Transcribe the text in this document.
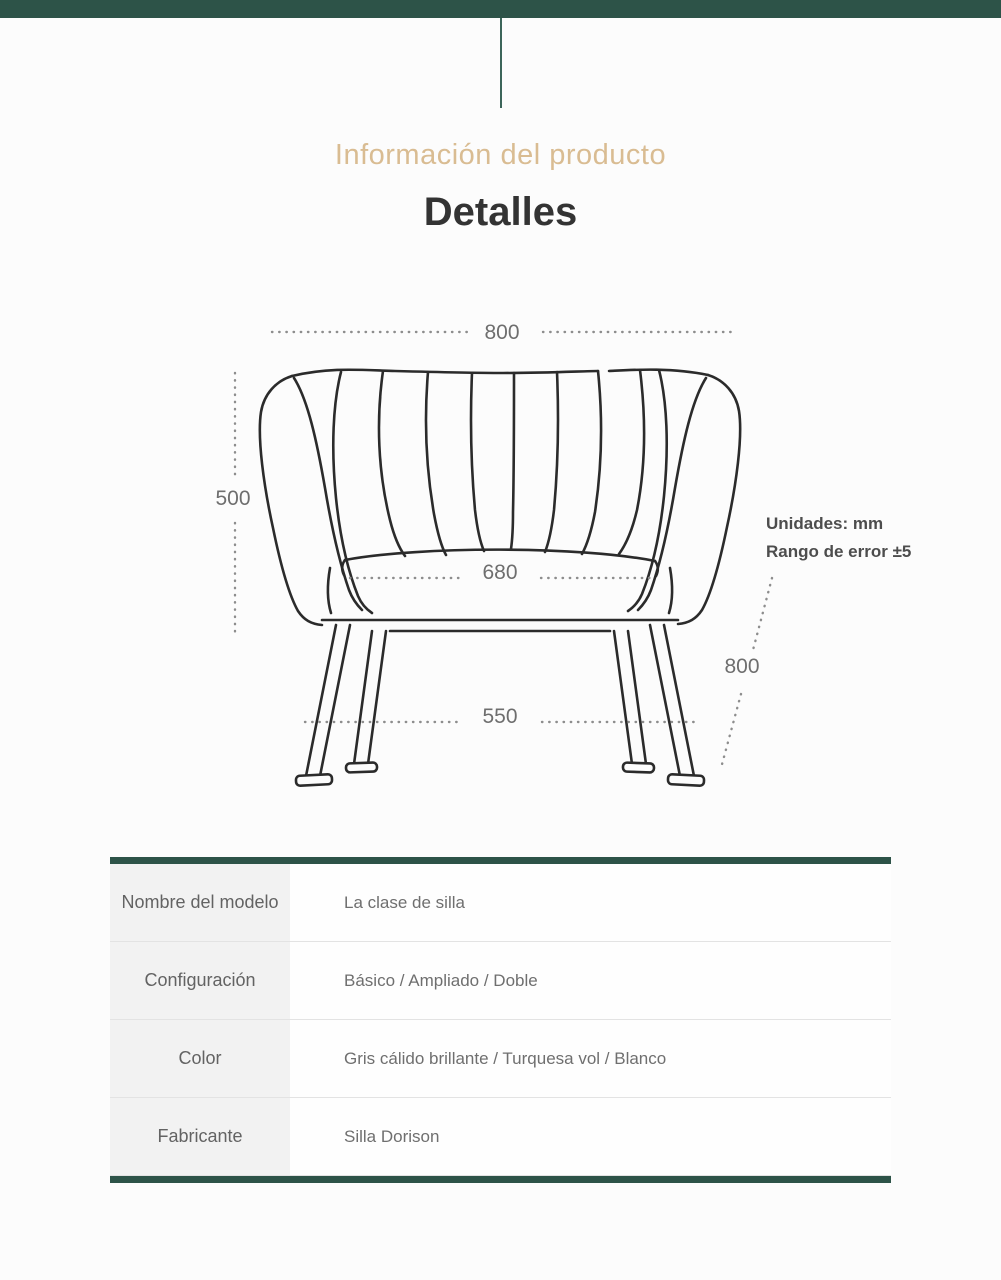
Información del producto
Detalles
800
500
680
550
800
Unidades: mm
Rango de error ±5
Nombre del modelo	La clase de silla
Configuración	Básico / Ampliado / Doble
Color	Gris cálido brillante / Turquesa vol / Blanco
Fabricante	Silla Dorison
